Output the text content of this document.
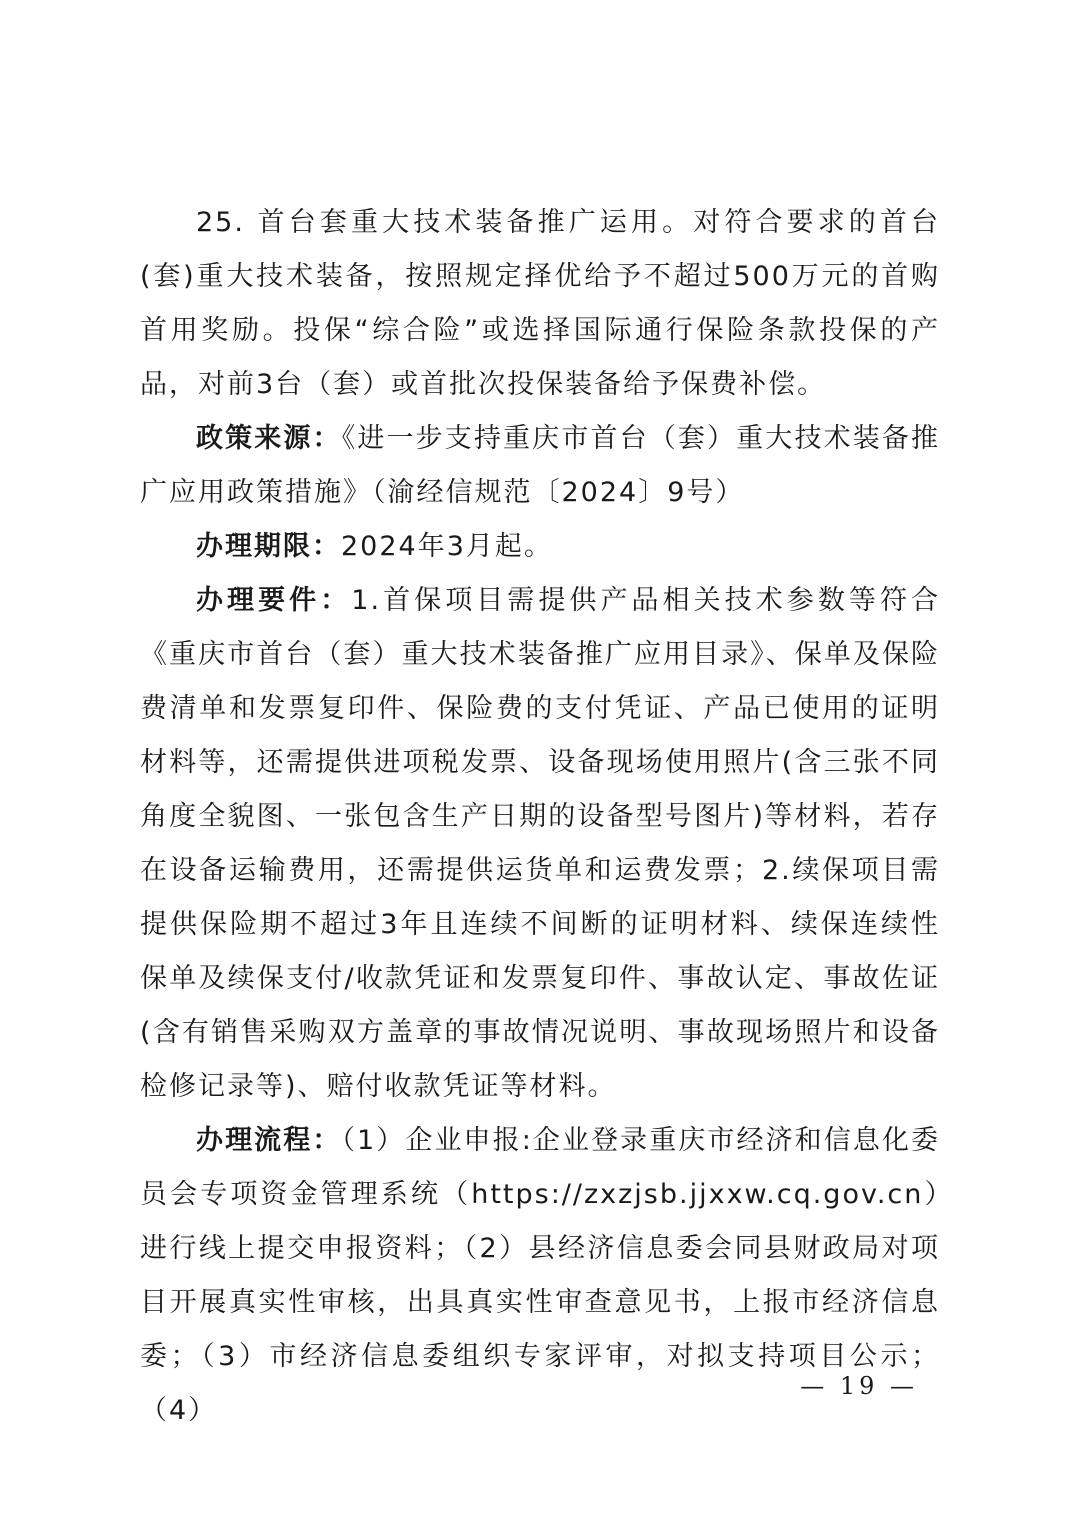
25. 首台套重大技术装备推广运用。对符合要求的首台(套)重大技术装备，按照规定择优给予不超过500万元的首购首用奖励。投保“综合险”或选择国际通行保险条款投保的产品，对前3台（套）或首批次投保装备给予保费补偿。

政策来源：《进一步支持重庆市首台（套）重大技术装备推广应用政策措施》（渝经信规范〔2024〕9号）

办理期限：2024年3月起。

办理要件：1.首保项目需提供产品相关技术参数等符合《重庆市首台（套）重大技术装备推广应用目录》、保单及保险费清单和发票复印件、保险费的支付凭证、产品已使用的证明材料等，还需提供进项税发票、设备现场使用照片(含三张不同角度全貌图、一张包含生产日期的设备型号图片)等材料，若存在设备运输费用，还需提供运货单和运费发票；2.续保项目需提供保险期不超过3年且连续不间断的证明材料、续保连续性保单及续保支付/收款凭证和发票复印件、事故认定、事故佐证(含有销售采购双方盖章的事故情况说明、事故现场照片和设备检修记录等)、赔付收款凭证等材料。

办理流程：（1）企业申报:企业登录重庆市经济和信息化委员会专项资金管理系统（https://zxzjsb.jjxxw.cq.gov.cn）进行线上提交申报资料；（2）县经济信息委会同县财政局对项目开展真实性审核，出具真实性审查意见书，上报市经济信息委；（3）市经济信息委组织专家评审，对拟支持项目公示；（4）

— 19 —
